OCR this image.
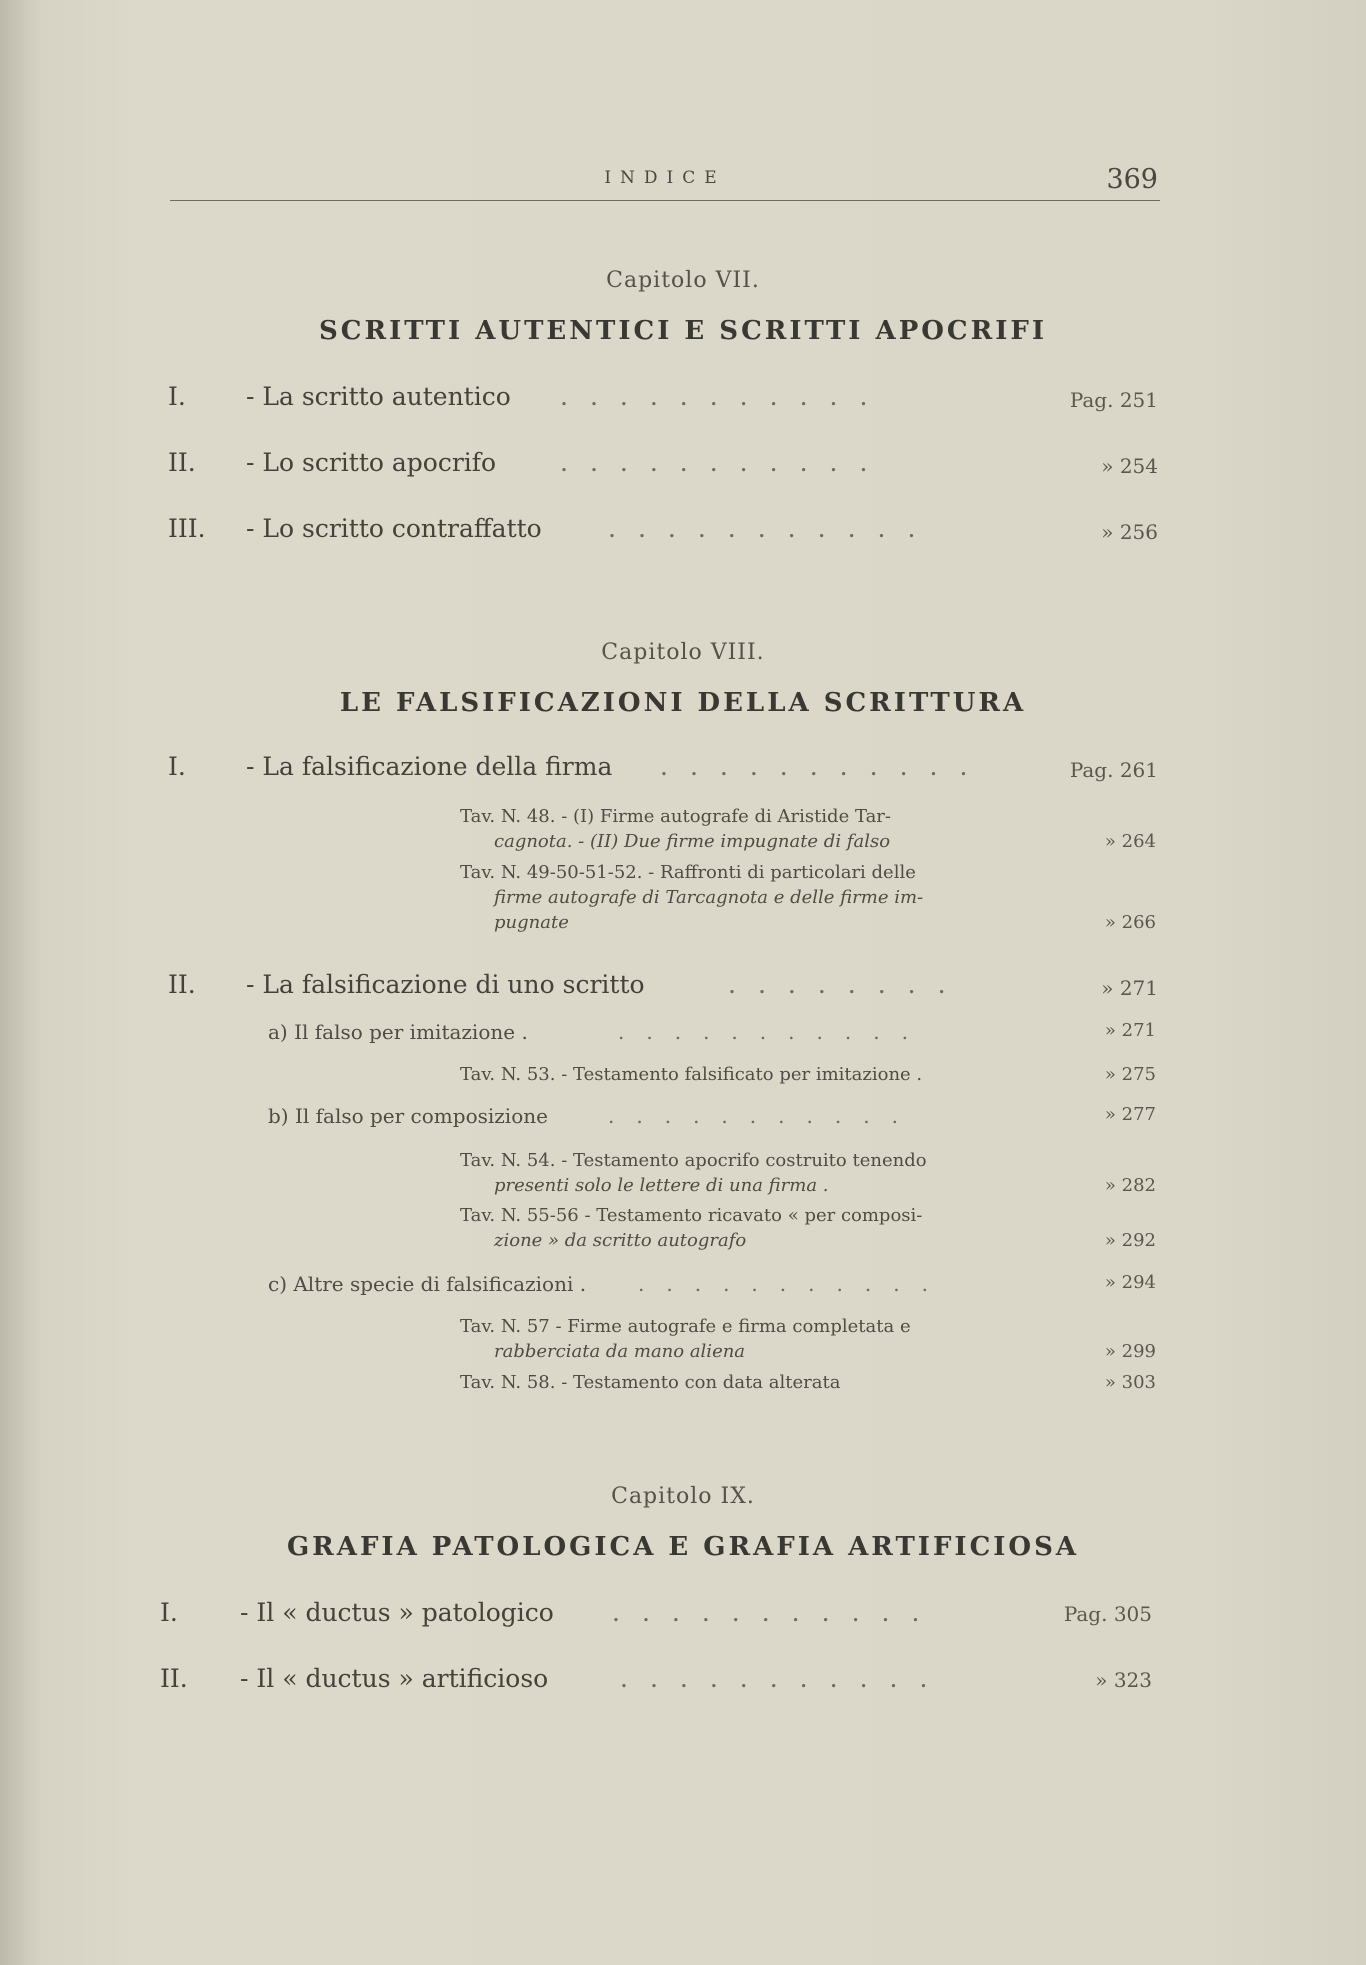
INDICE	369
Capitolo VII.
SCRITTI AUTENTICI E SCRITTI APOCRIFI
I. - La scritto autentico ...........	Pag. 251
II. - Lo scritto apocrifo	...........	» 254
III. - Lo scritto contraffatto	...........	» 256
Capitolo VIII.
LE FALSIFICAZIONI DELLA SCRITTURA
I. - La falsificazione della firma ...........	Pag. 261
Tav. N. 48. - (I) Firme autografe di Aristide Tar-
cagnota. - (II) Due firme impugnate di falso	» 264
Tav. N. 49-50-51-52. - Raffronti di particolari delle
firme autografe di Tarcagnota e delle firme im-
pugnate	» 266
II. - La falsificazione di uno scritto	........	» 271
a) Il falso per imitazione .	...........	» 271
Tav. N. 53. - Testamento falsificato per imitazione .	» 275
b) Il falso per composizione	...........	» 277
Tav. N. 54. - Testamento apocrifo costruito tenendo
presenti solo le lettere di una firma .	» 282
Tav. N. 55-56 - Testamento ricavato « per composi-
zione » da scritto autografo	» 292
c) Altre specie di falsificazioni .	...........	» 294
Tav. N. 57 - Firme autografe e firma completata e
rabberciata da mano aliena	» 299
Tav. N. 58. - Testamento con data alterata	» 303
Capitolo IX.
GRAFIA PATOLOGICA E GRAFIA ARTIFICIOSA
I. - Il « ductus » patologico ...........	Pag. 305
II. - Il « ductus » artificioso	...........	» 323
